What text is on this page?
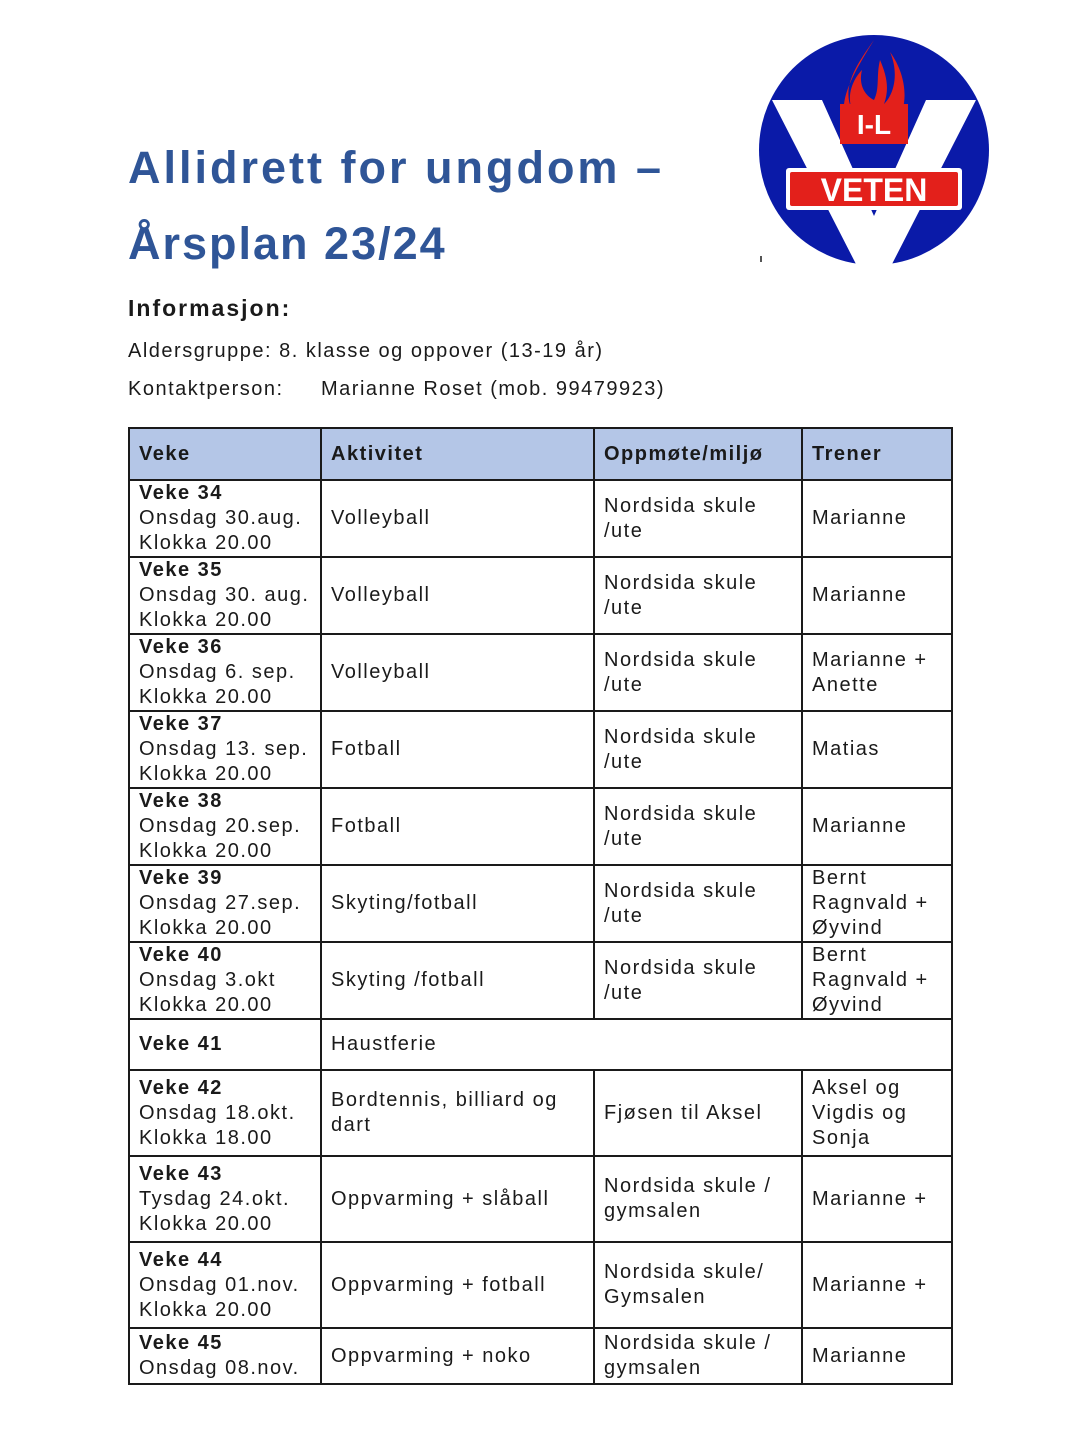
Allidrett for ungdom –
Årsplan 23/24
I-L
VETEN
Informasjon:
Aldersgruppe: 8. klasse og oppover (13-19 år)
Kontaktperson: Marianne Roset (mob. 99479923)
Veke	Aktivitet	Oppmøte/miljø	Trener

Veke 34
Onsdag 30.aug.
Klokka 20.00	Volleyball	Nordsida skule /ute	Marianne

Veke 35
Onsdag 30. aug.
Klokka 20.00	Volleyball	Nordsida skule /ute	Marianne

Veke 36
Onsdag 6. sep.
Klokka 20.00	Volleyball	Nordsida skule /ute	Marianne + Anette

Veke 37
Onsdag 13. sep.
Klokka 20.00	Fotball	Nordsida skule /ute	Matias

Veke 38
Onsdag 20.sep.
Klokka 20.00	Fotball	Nordsida skule /ute	Marianne

Veke 39
Onsdag 27.sep.
Klokka 20.00	Skyting/fotball	Nordsida skule /ute	Bernt Ragnvald + Øyvind

Veke 40
Onsdag 3.okt
Klokka 20.00	Skyting /fotball	Nordsida skule /ute	Bernt Ragnvald + Øyvind

Veke 41	Haustferie		

Veke 42
Onsdag 18.okt.
Klokka 18.00	Bordtennis, billiard og dart	Fjøsen til Aksel	Aksel og Vigdis og Sonja

Veke 43
Tysdag 24.okt.
Klokka 20.00	Oppvarming + slåball	Nordsida skule / gymsalen	Marianne +

Veke 44
Onsdag 01.nov.
Klokka 20.00	Oppvarming + fotball	Nordsida skule/ Gymsalen	Marianne +

Veke 45
Onsdag 08.nov.	Oppvarming + noko	Nordsida skule / gymsalen	Marianne
